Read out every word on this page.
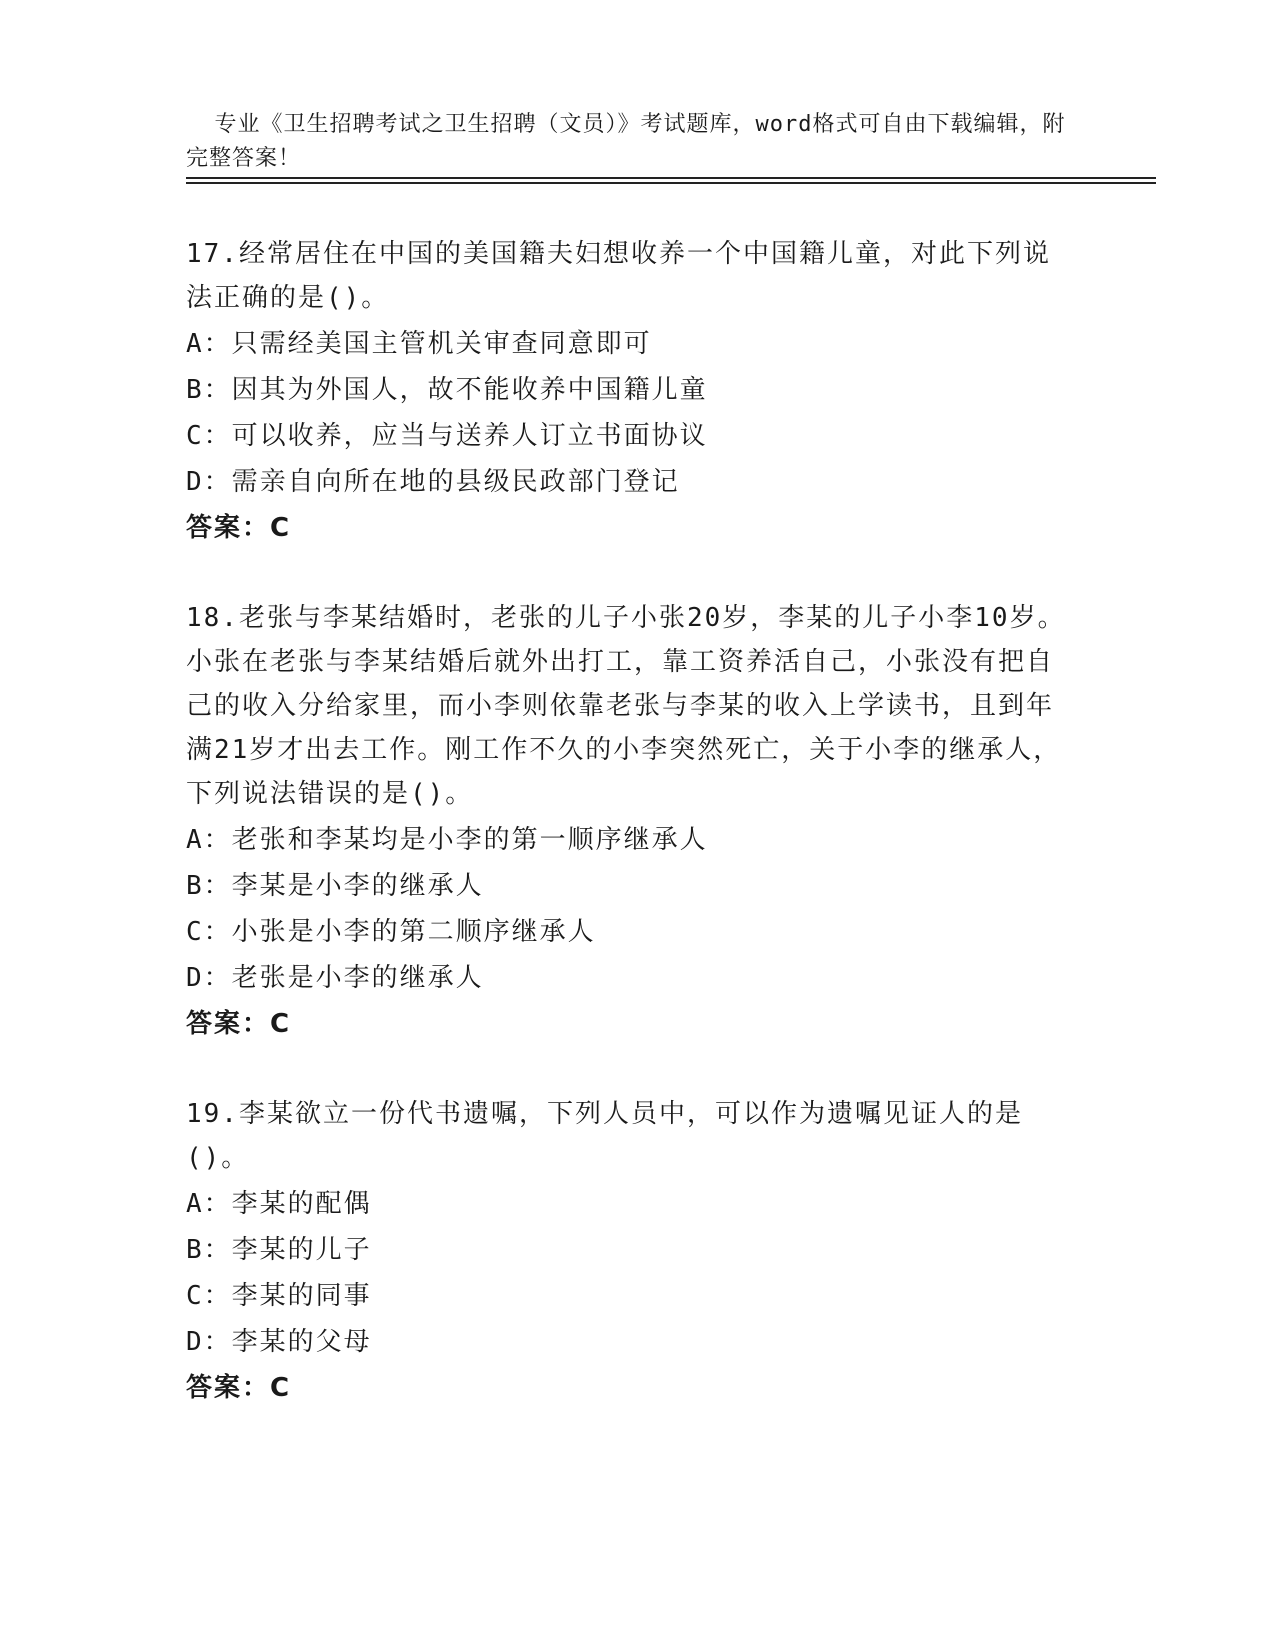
专业《卫生招聘考试之卫生招聘（文员）》考试题库，word格式可自由下载编辑，附完整答案！

17.经常居住在中国的美国籍夫妇想收养一个中国籍儿童，对此下列说法正确的是()。

A：只需经美国主管机关审查同意即可

B：因其为外国人，故不能收养中国籍儿童

C：可以收养，应当与送养人订立书面协议

D：需亲自向所在地的县级民政部门登记

答案：C

18.老张与李某结婚时，老张的儿子小张20岁，李某的儿子小李10岁。小张在老张与李某结婚后就外出打工，靠工资养活自己，小张没有把自己的收入分给家里，而小李则依靠老张与李某的收入上学读书，且到年满21岁才出去工作。刚工作不久的小李突然死亡，关于小李的继承人，下列说法错误的是()。

A：老张和李某均是小李的第一顺序继承人

B：李某是小李的继承人

C：小张是小李的第二顺序继承人

D：老张是小李的继承人

答案：C

19.李某欲立一份代书遗嘱，下列人员中，可以作为遗嘱见证人的是()。

A：李某的配偶

B：李某的儿子

C：李某的同事

D：李某的父母

答案：C
